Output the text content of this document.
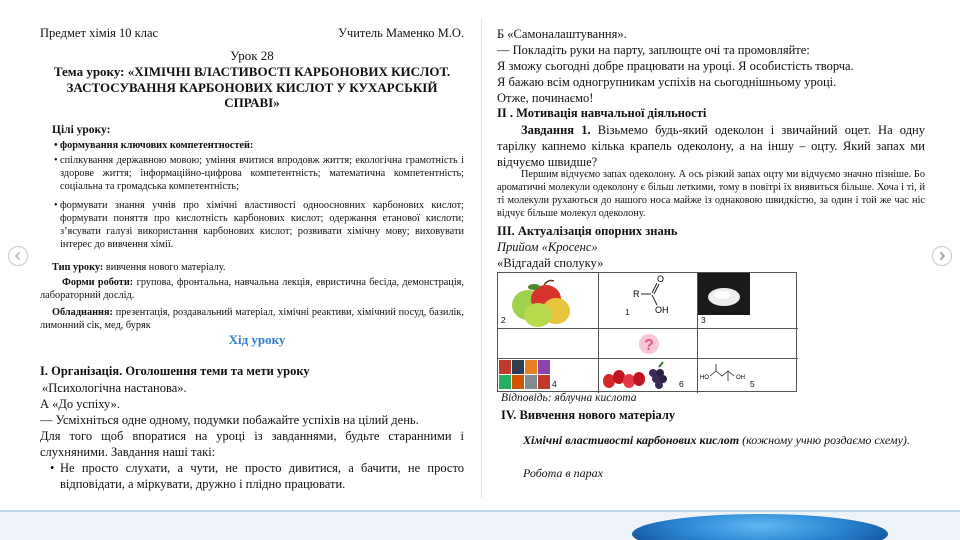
Предмет хімія 10 клас	Учитель Маменко М.О.
Урок 28
Тема уроку: «ХІМІЧНІ ВЛАСТИВОСТІ КАРБОНОВИХ КИСЛОТ. ЗАСТОСУВАННЯ КАРБОНОВИХ КИСЛОТ У КУХАРСЬКІЙ СПРАВІ»
Цілі уроку:
• формування ключових компетентностей:
• спілкування державною мовою; уміння вчитися впродовж життя; екологічна грамотність і здорове життя; інформаційно-цифрова компетентність; математична компетентність; соціальна та громадська компетентність;
• формувати знання учнів про хімічні властивості одноосновних карбонових кислот; формувати поняття про кислотність карбонових кислот; одержання етанової кислоти; з’ясувати галузі використання карбонових кислот; розвивати хімічну мову; виховувати інтерес до вивчення хімії.
Тип уроку: вивчення нового матеріалу.
Форми роботи: групова, фронтальна, навчальна лекція, евристична бесіда, демонстрація, лабораторний дослід.
Обладнання: презентація, роздавальний матеріал, хімічні реактиви, хімічний посуд, базилік, лимонний сік, мед, буряк
Хід уроку
І. Організація. Оголошення теми та мети уроку
«Психологічна настанова».
А «До успіху».
— Усміхніться одне одному, подумки побажайте успіхів на цілий день.
Для того щоб впоратися на уроці із завданнями, будьте старанними і слухняними. Завдання наші такі:
• Не просто слухати, а чути, не просто дивитися, а бачити, не просто відповідати, а міркувати, дружно і плідно працювати.
Б «Самоналаштування».
— Покладіть руки на парту, заплющте очі та промовляйте:
Я зможу сьогодні добре працювати на уроці. Я особистість творча.
Я бажаю всім одногрупникам успіхів на сьогоднішньому уроці.
Отже, починаємо!
ІІ . Мотивація навчальної діяльності
Завдання 1. Візьмемо будь-який одеколон і звичайний оцет. На одну тарілку капнемо кілька крапель одеколону, а на іншу – оцту. Який запах ми відчуємо швидше?
Першим відчуємо запах одеколону. А ось різкий запах оцту ми відчуємо значно пізніше. Бо ароматичні молекули одеколону є більш леткими, тому в повітрі їх виявиться більше. Хоча і ті, й ті молекули рухаються до нашого носа майже із однаковою швидкістю, за один і той же час ніс відчує більше молекул одеколону.
ІІІ. Актуалізація опорних знань
Прийом «Кросенс»
«Відгадай сполуку»
2
R
O
OH
1
3
?
4	6
HO	OH
5
Відповідь: яблучна кислота
IV. Вивчення нового матеріалу
Хімічні властивості карбонових кислот (кожному учню роздаємо схему).
Робота в парах
